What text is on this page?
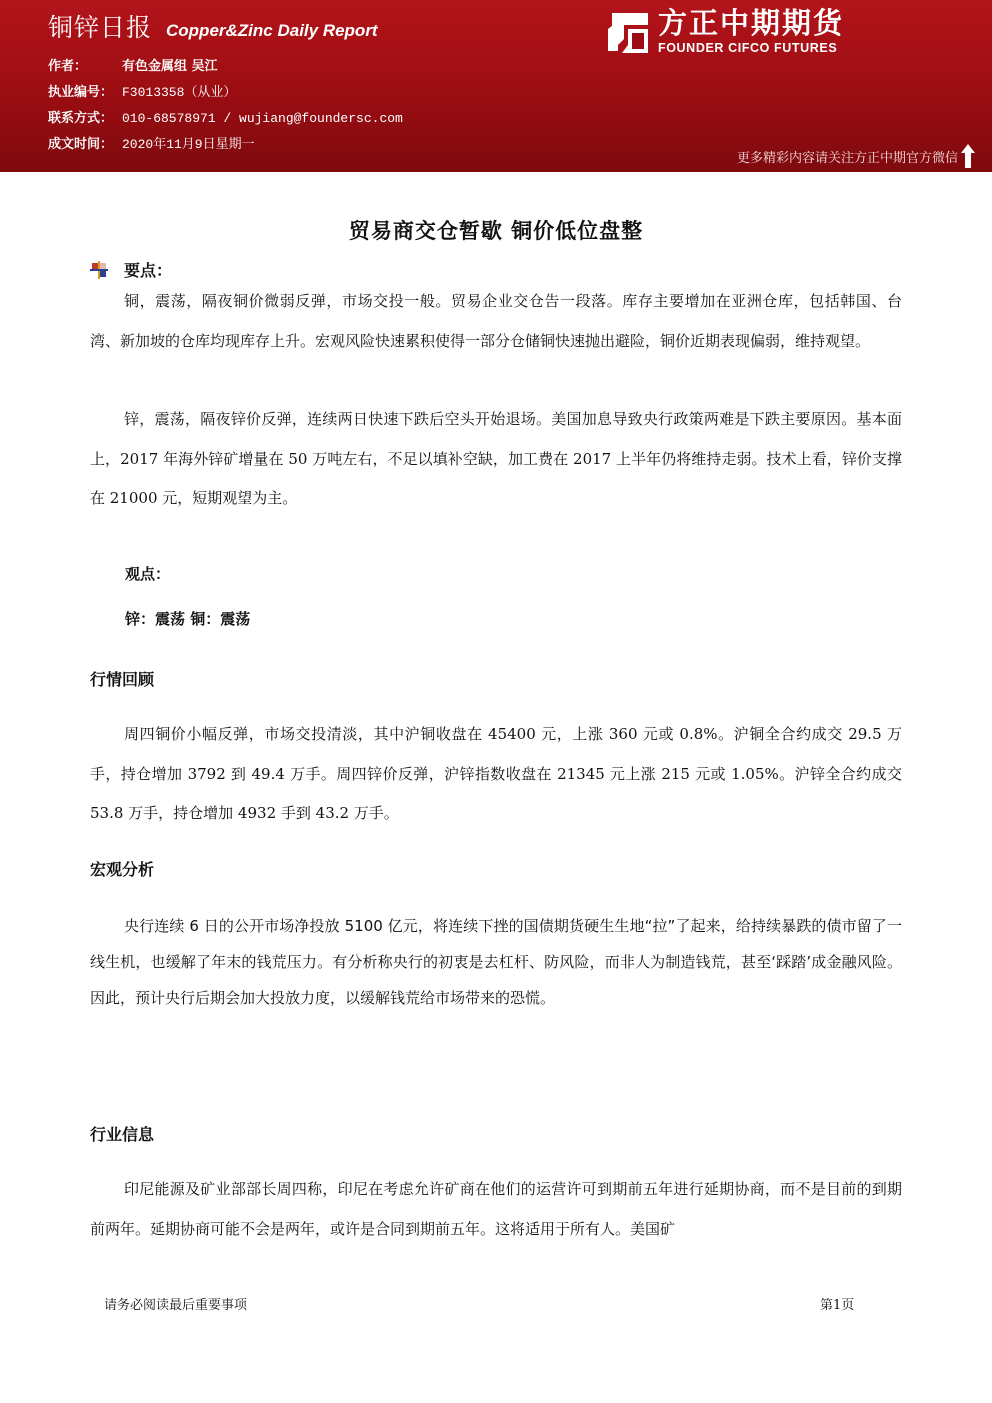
铜锌日报 Copper&Zinc Daily Report
作者：	有色金属组 吴江
执业编号： F3013358（从业）
联系方式： 010-68578971 / wujiang@foundersc.com
成文时间： 2020年11月9日星期一
方正中期期货
FOUNDER CIFCO FUTURES
更多精彩内容请关注方正中期官方微信
贸易商交仓暂歇 铜价低位盘整
要点：
铜，震荡，隔夜铜价微弱反弹，市场交投一般。贸易企业交仓告一段落。库存主要增加在亚洲仓库，包括韩国、台湾、新加坡的仓库均现库存上升。宏观风险快速累积使得一部分仓储铜快速抛出避险，铜价近期表现偏弱，维持观望。
锌，震荡，隔夜锌价反弹，连续两日快速下跌后空头开始退场。美国加息导致央行政策两难是下跌主要原因。基本面上，2017 年海外锌矿增量在 50 万吨左右，不足以填补空缺，加工费在 2017 上半年仍将维持走弱。技术上看，锌价支撑在 21000 元，短期观望为主。
观点：
锌：震荡 铜：震荡
行情回顾
周四铜价小幅反弹，市场交投清淡，其中沪铜收盘在 45400 元，上涨 360 元或 0.8%。沪铜全合约成交 29.5 万手，持仓增加 3792 到 49.4 万手。周四锌价反弹，沪锌指数收盘在 21345 元上涨 215 元或 1.05%。沪锌全合约成交 53.8 万手，持仓增加 4932 手到 43.2 万手。
宏观分析
央行连续 6 日的公开市场净投放 5100 亿元，将连续下挫的国债期货硬生生地“拉”了起来，给持续暴跌的债市留了一线生机，也缓解了年末的钱荒压力。有分析称央行的初衷是去杠杆、防风险，而非人为制造钱荒，甚至‘踩踏’成金融风险。因此，预计央行后期会加大投放力度，以缓解钱荒给市场带来的恐慌。
行业信息
印尼能源及矿业部部长周四称，印尼在考虑允许矿商在他们的运营许可到期前五年进行延期协商，而不是目前的到期前两年。延期协商可能不会是两年，或许是合同到期前五年。这将适用于所有人。美国矿
请务必阅读最后重要事项	第1页
